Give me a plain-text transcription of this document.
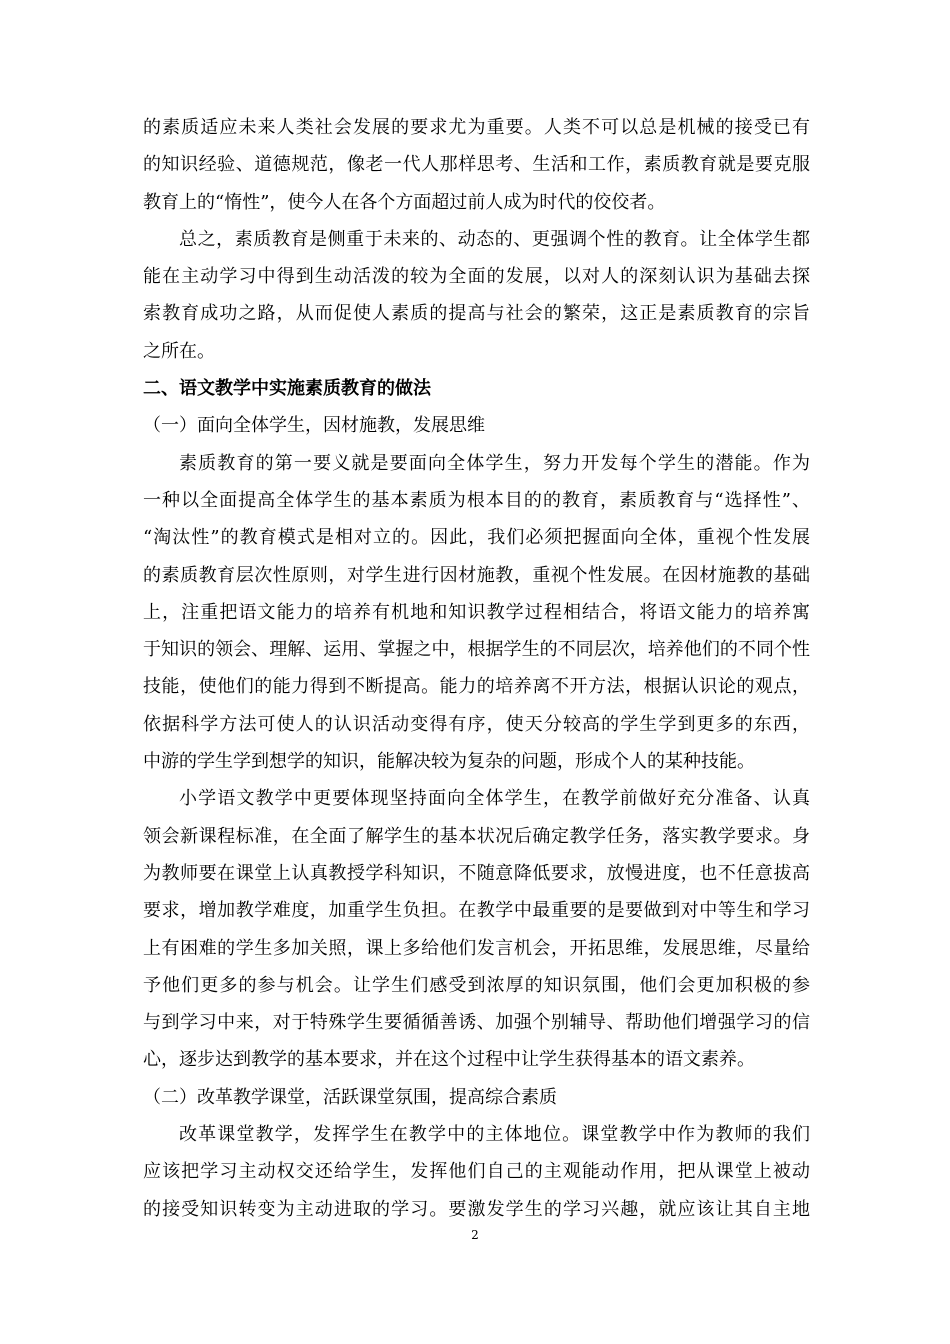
的素质适应未来人类社会发展的要求尤为重要。人类不可以总是机械的接受已有
的知识经验、道德规范，像老一代人那样思考、生活和工作，素质教育就是要克服
教育上的“惰性”，使今人在各个方面超过前人成为时代的佼佼者。
总之，素质教育是侧重于未来的、动态的、更强调个性的教育。让全体学生都
能在主动学习中得到生动活泼的较为全面的发展，以对人的深刻认识为基础去探
索教育成功之路，从而促使人素质的提高与社会的繁荣，这正是素质教育的宗旨
之所在。
二、语文教学中实施素质教育的做法
（一）面向全体学生，因材施教，发展思维
素质教育的第一要义就是要面向全体学生，努力开发每个学生的潜能。作为
一种以全面提高全体学生的基本素质为根本目的的教育，素质教育与“选择性”、
“淘汰性”的教育模式是相对立的。因此，我们必须把握面向全体，重视个性发展
的素质教育层次性原则，对学生进行因材施教，重视个性发展。在因材施教的基础
上，注重把语文能力的培养有机地和知识教学过程相结合，将语文能力的培养寓
于知识的领会、理解、运用、掌握之中，根据学生的不同层次，培养他们的不同个性
技能，使他们的能力得到不断提高。能力的培养离不开方法，根据认识论的观点，
依据科学方法可使人的认识活动变得有序，使天分较高的学生学到更多的东西，
中游的学生学到想学的知识，能解决较为复杂的问题，形成个人的某种技能。
小学语文教学中更要体现坚持面向全体学生，在教学前做好充分准备、认真
领会新课程标准，在全面了解学生的基本状况后确定教学任务，落实教学要求。身
为教师要在课堂上认真教授学科知识，不随意降低要求，放慢进度，也不任意拔高
要求，增加教学难度，加重学生负担。在教学中最重要的是要做到对中等生和学习
上有困难的学生多加关照，课上多给他们发言机会，开拓思维，发展思维，尽量给
予他们更多的参与机会。让学生们感受到浓厚的知识氛围，他们会更加积极的参
与到学习中来，对于特殊学生要循循善诱、加强个别辅导、帮助他们增强学习的信
心，逐步达到教学的基本要求，并在这个过程中让学生获得基本的语文素养。
（二）改革教学课堂，活跃课堂氛围，提高综合素质
改革课堂教学，发挥学生在教学中的主体地位。课堂教学中作为教师的我们
应该把学习主动权交还给学生，发挥他们自己的主观能动作用，把从课堂上被动
的接受知识转变为主动进取的学习。要激发学生的学习兴趣，就应该让其自主地
2
